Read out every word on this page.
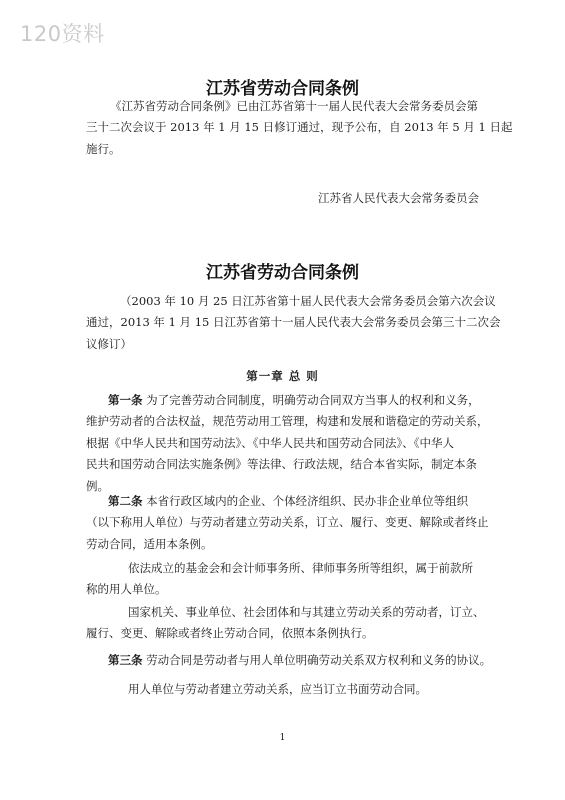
120资料
江苏省劳动合同条例
《江苏省劳动合同条例》已由江苏省第十一届人民代表大会常务委员会第
三十二次会议于 2013 年 1 月 15 日修订通过，现予公布，自 2013 年 5 月 1 日起
施行。
江苏省人民代表大会常务委员会
江苏省劳动合同条例
（2003 年 10 月 25 日江苏省第十届人民代表大会常务委员会第六次会议
通过，2013 年 1 月 15 日江苏省第十一届人民代表大会常务委员会第三十二次会
议修订）
第一章 总 则
第一条 为了完善劳动合同制度，明确劳动合同双方当事人的权利和义务，
维护劳动者的合法权益，规范劳动用工管理，构建和发展和谐稳定的劳动关系，
根据《中华人民共和国劳动法》、《中华人民共和国劳动合同法》、《中华人
民共和国劳动合同法实施条例》等法律、行政法规，结合本省实际，制定本条
例。
第二条 本省行政区域内的企业、个体经济组织、民办非企业单位等组织
（以下称用人单位）与劳动者建立劳动关系，订立、履行、变更、解除或者终止
劳动合同，适用本条例。
依法成立的基金会和会计师事务所、律师事务所等组织，属于前款所
称的用人单位。
国家机关、事业单位、社会团体和与其建立劳动关系的劳动者，订立、
履行、变更、解除或者终止劳动合同，依照本条例执行。
第三条 劳动合同是劳动者与用人单位明确劳动关系双方权利和义务的协议。
用人单位与劳动者建立劳动关系，应当订立书面劳动合同。
1
